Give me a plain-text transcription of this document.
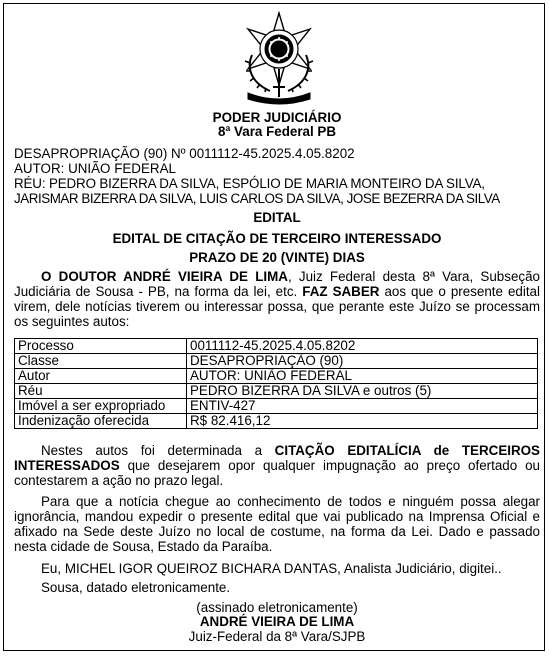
PODER JUDICIÁRIO
8ª Vara Federal PB
DESAPROPRIAÇÃO (90) Nº 0011112-45.2025.4.05.8202
AUTOR: UNIÃO FEDERAL
RÉU: PEDRO BIZERRA DA SILVA, ESPÓLIO DE MARIA MONTEIRO DA SILVA,
JARISMAR BIZERRA DA SILVA, LUIS CARLOS DA SILVA, JOSE BEZERRA DA SILVA
EDITAL
EDITAL DE CITAÇÃO DE TERCEIRO INTERESSADO
PRAZO DE 20 (VINTE) DIAS
O DOUTOR ANDRÉ VIEIRA DE LIMA, Juiz Federal desta 8ª Vara, Subseção Judiciária de Sousa - PB, na forma da lei, etc. FAZ SABER aos que o presente edital virem, dele notícias tiverem ou interessar possa, que perante este Juízo se processam os seguintes autos:
Processo	0011112-45.2025.4.05.8202
Classe	DESAPROPRIAÇÃO (90)
Autor	AUTOR: UNIÃO FEDERAL
Réu	PEDRO BIZERRA DA SILVA e outros (5)
Imóvel a ser expropriado	ENTIV-427
Indenização oferecida	R$ 82.416,12
Nestes autos foi determinada a CITAÇÃO EDITALÍCIA de TERCEIROS INTERESSADOS que desejarem opor qualquer impugnação ao preço ofertado ou contestarem a ação no prazo legal.
Para que a notícia chegue ao conhecimento de todos e ninguém possa alegar ignorância, mandou expedir o presente edital que vai publicado na Imprensa Oficial e afixado na Sede deste Juízo no local de costume, na forma da Lei. Dado e passado nesta cidade de Sousa, Estado da Paraíba.
Eu, MICHEL IGOR QUEIROZ BICHARA DANTAS, Analista Judiciário, digitei..
Sousa, datado eletronicamente.
(assinado eletronicamente)
ANDRÉ VIEIRA DE LIMA
Juiz-Federal da 8ª Vara/SJPB
